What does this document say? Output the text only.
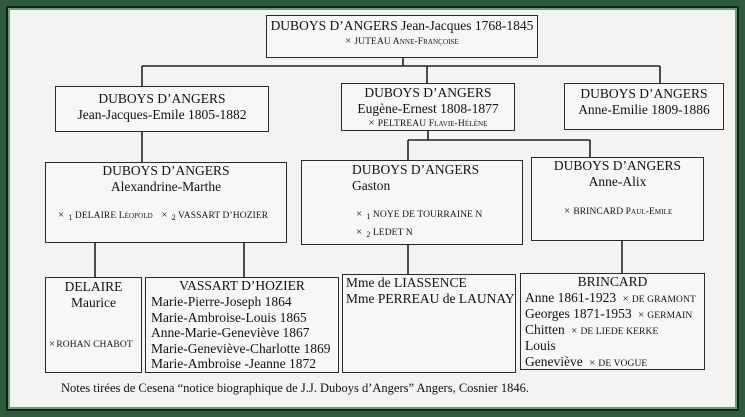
DUBOYS D’ANGERS Jean-Jacques 1768-1845
× JUTEAU Anne-Françoise
DUBOYS D’ANGERS
Jean-Jacques-Emile 1805-1882
DUBOYS D’ANGERS
Eugène-Ernest 1808-1877
× PELTREAU Flavie-Hélène
DUBOYS D’ANGERS
Anne-Emilie 1809-1886
DUBOYS D’ANGERS
Alexandrine-Marthe
× $_1$ DELAIRE Léopold × $_2$ VASSART D’HOZIER
DUBOYS D’ANGERS
Gaston
× $_1$ NOYE DE TOURRAINE N
× $_2$ LEDET N
DUBOYS D’ANGERS
Anne-Alix
× BRINCARD Paul-Emile
DELAIRE
Maurice
×ROHAN CHABOT
VASSART D’HOZIER
Marie-Pierre-Joseph 1864
Marie-Ambroise-Louis 1865
Anne-Marie-Geneviève 1867
Marie-Geneviève-Charlotte 1869
Marie-Ambroise -Jeanne 1872
Mme de LIASSENCE
Mme PERREAU de LAUNAY
BRINCARD
Anne 1861-1923 × DE GRAMONT
Georges 1871-1953 × GERMAIN
Chitten × DE LIEDE KERKE
Louis
Geneviève × DE VOGUE
Notes tirées de Cesena “notice biographique de J.J. Duboys d’Angers” Angers, Cosnier 1846.
